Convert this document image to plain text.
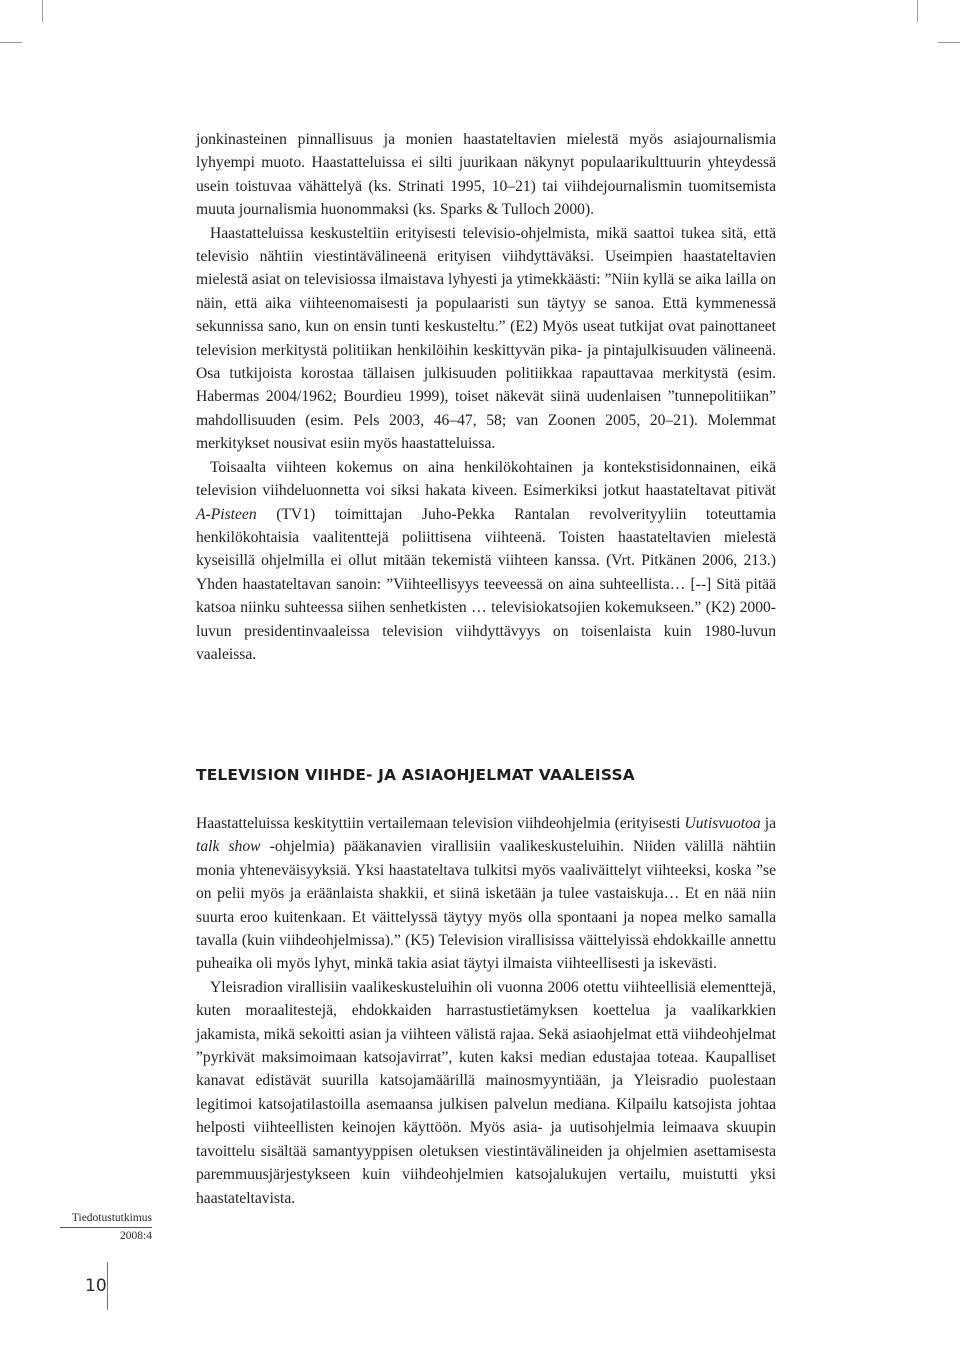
jonkinasteinen pinnallisuus ja monien haastateltavien mielestä myös asiajournalismia lyhyempi muoto. Haastatteluissa ei silti juurikaan näkynyt populaarikulttuurin yhteydessä usein toistuvaa vähättelyä (ks. Strinati 1995, 10–21) tai viihdejournalismin tuomitsemista muuta journalismia huonommaksi (ks. Sparks & Tulloch 2000).

Haastatteluissa keskusteltiin erityisesti televisio-ohjelmista, mikä saattoi tukea sitä, että televisio nähtiin viestintävälineenä erityisen viihdyttäväksi. Useimpien haastateltavien mielestä asiat on televisiossa ilmaistava lyhyesti ja ytimekkäästi: ”Niin kyllä se aika lailla on näin, että aika viihteenomaisesti ja populaaristi sun täytyy se sanoa. Että kymmenessä sekunnissa sano, kun on ensin tunti keskusteltu.” (E2) Myös useat tutkijat ovat painottaneet television merkitystä politiikan henkilöihin keskittyvän pika- ja pintajulkisuuden välineenä. Osa tutkijoista korostaa tällaisen julkisuuden politiikkaa rapauttavaa merkitystä (esim. Habermas 2004/1962; Bourdieu 1999), toiset näkevät siinä uudenlaisen ”tunnepolitiikan” mahdollisuuden (esim. Pels 2003, 46–47, 58; van Zoonen 2005, 20–21). Molemmat merkitykset nousivat esiin myös haastatteluissa.

Toisaalta viihteen kokemus on aina henkilökohtainen ja kontekstisidonnainen, eikä television viihdeluonnetta voi siksi hakata kiveen. Esimerkiksi jotkut haastateltavat pitivät A-Pisteen (TV1) toimittajan Juho-Pekka Rantalan revolverityyliin toteuttamia henkilökohtaisia vaalitenttejä poliittisena viihteenä. Toisten haastateltavien mielestä kyseisillä ohjelmilla ei ollut mitään tekemistä viihteen kanssa. (Vrt. Pitkänen 2006, 213.) Yhden haastateltavan sanoin: ”Viihteellisyys teeveessä on aina suhteellista… [--] Sitä pitää katsoa niinku suhteessa siihen senhetkisten … televisiokatsojien kokemukseen.” (K2) 2000-luvun presidentinvaaleissa television viihdyttävyys on toisenlaista kuin 1980-luvun vaaleissa.

TELEVISION VIIHDE- JA ASIAOHJELMAT VAALEISSA

Haastatteluissa keskityttiin vertailemaan television viihdeohjelmia (erityisesti Uutisvuotoa ja talk show -ohjelmia) pääkanavien virallisiin vaalikeskusteluihin. Niiden välillä nähtiin monia yhteneväisyyksiä. Yksi haastateltava tulkitsi myös vaaliväittelyt viihteeksi, koska ”se on pelii myös ja eräänlaista shakkii, et siinä isketään ja tulee vastaiskuja… Et en nää niin suurta eroo kuitenkaan. Et väittelyssä täytyy myös olla spontaani ja nopea melko samalla tavalla (kuin viihdeohjelmissa).” (K5) Television virallisissa väittelyissä ehdokkaille annettu puheaika oli myös lyhyt, minkä takia asiat täytyi ilmaista viihteellisesti ja iskevästi.

Yleisradion virallisiin vaalikeskusteluihin oli vuonna 2006 otettu viihteellisiä elementtejä, kuten moraalitestejä, ehdokkaiden harrastustietämyksen koettelua ja vaalikarkkien jakamista, mikä sekoitti asian ja viihteen välistä rajaa. Sekä asiaohjelmat että viihdeohjelmat ”pyrkivät maksimoimaan katsojavirrat”, kuten kaksi median edustajaa toteaa. Kaupalliset kanavat edistävät suurilla katsojamäärillä mainosmyyntiään, ja Yleisradio puolestaan legitimoi katsojatilastoilla asemaansa julkisen palvelun mediana. Kilpailu katsojista johtaa helposti viihteellisten keinojen käyttöön. Myös asia- ja uutisohjelmia leimaava skuupin tavoittelu sisältää samantyyppisen oletuksen viestintävälineiden ja ohjelmien asettamisesta paremmuusjärjestykseen kuin viihdeohjelmien katsojalukujen vertailu, muistutti yksi haastateltavista.

Tiedotustutkimus
2008:4
10
